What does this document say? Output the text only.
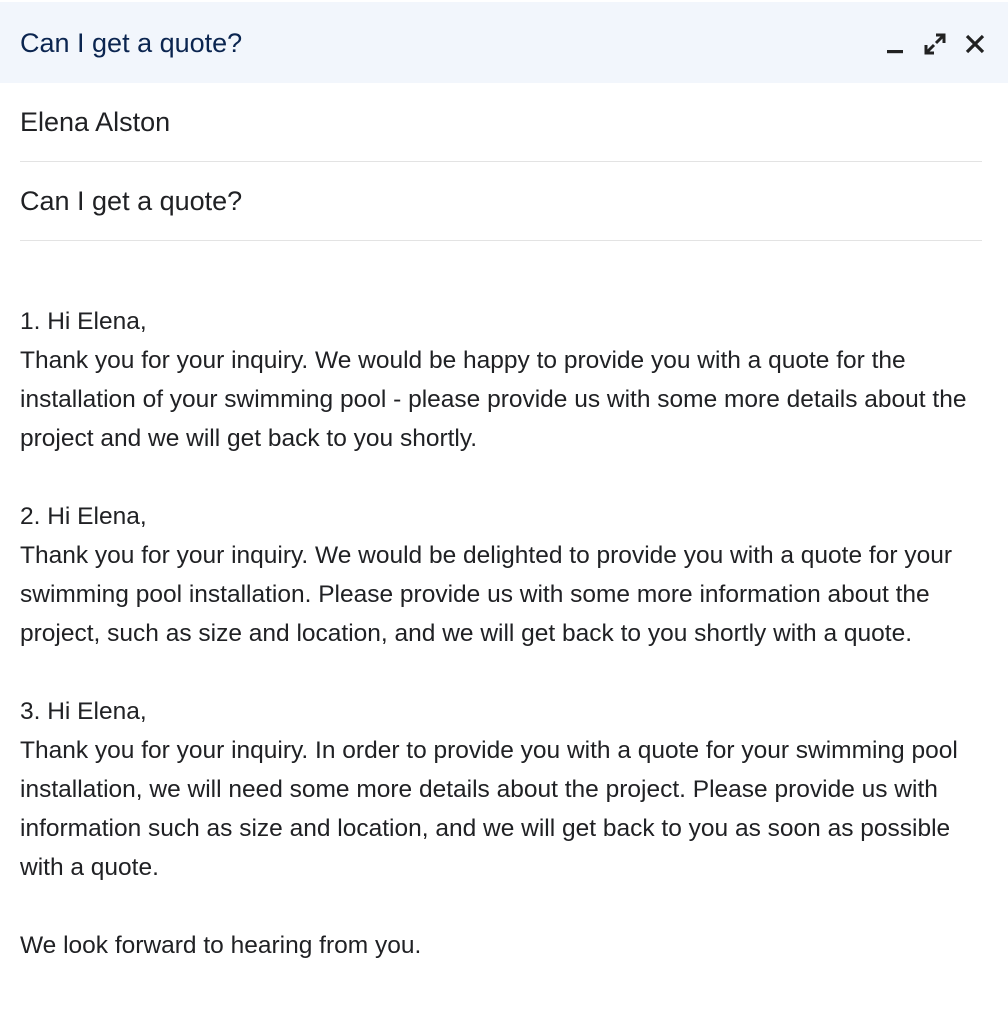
Can I get a quote?
Elena Alston
Can I get a quote?

1. Hi Elena,

Thank you for your inquiry. We would be happy to provide you with a quote for the installation of your swimming pool - please provide us with some more details about the project and we will get back to you shortly.

2. Hi Elena,

Thank you for your inquiry. We would be delighted to provide you with a quote for your swimming pool installation. Please provide us with some more information about the project, such as size and location, and we will get back to you shortly with a quote.

3. Hi Elena,

Thank you for your inquiry. In order to provide you with a quote for your swimming pool installation, we will need some more details about the project. Please provide us with information such as size and location, and we will get back to you as soon as possible with a quote.

We look forward to hearing from you.
